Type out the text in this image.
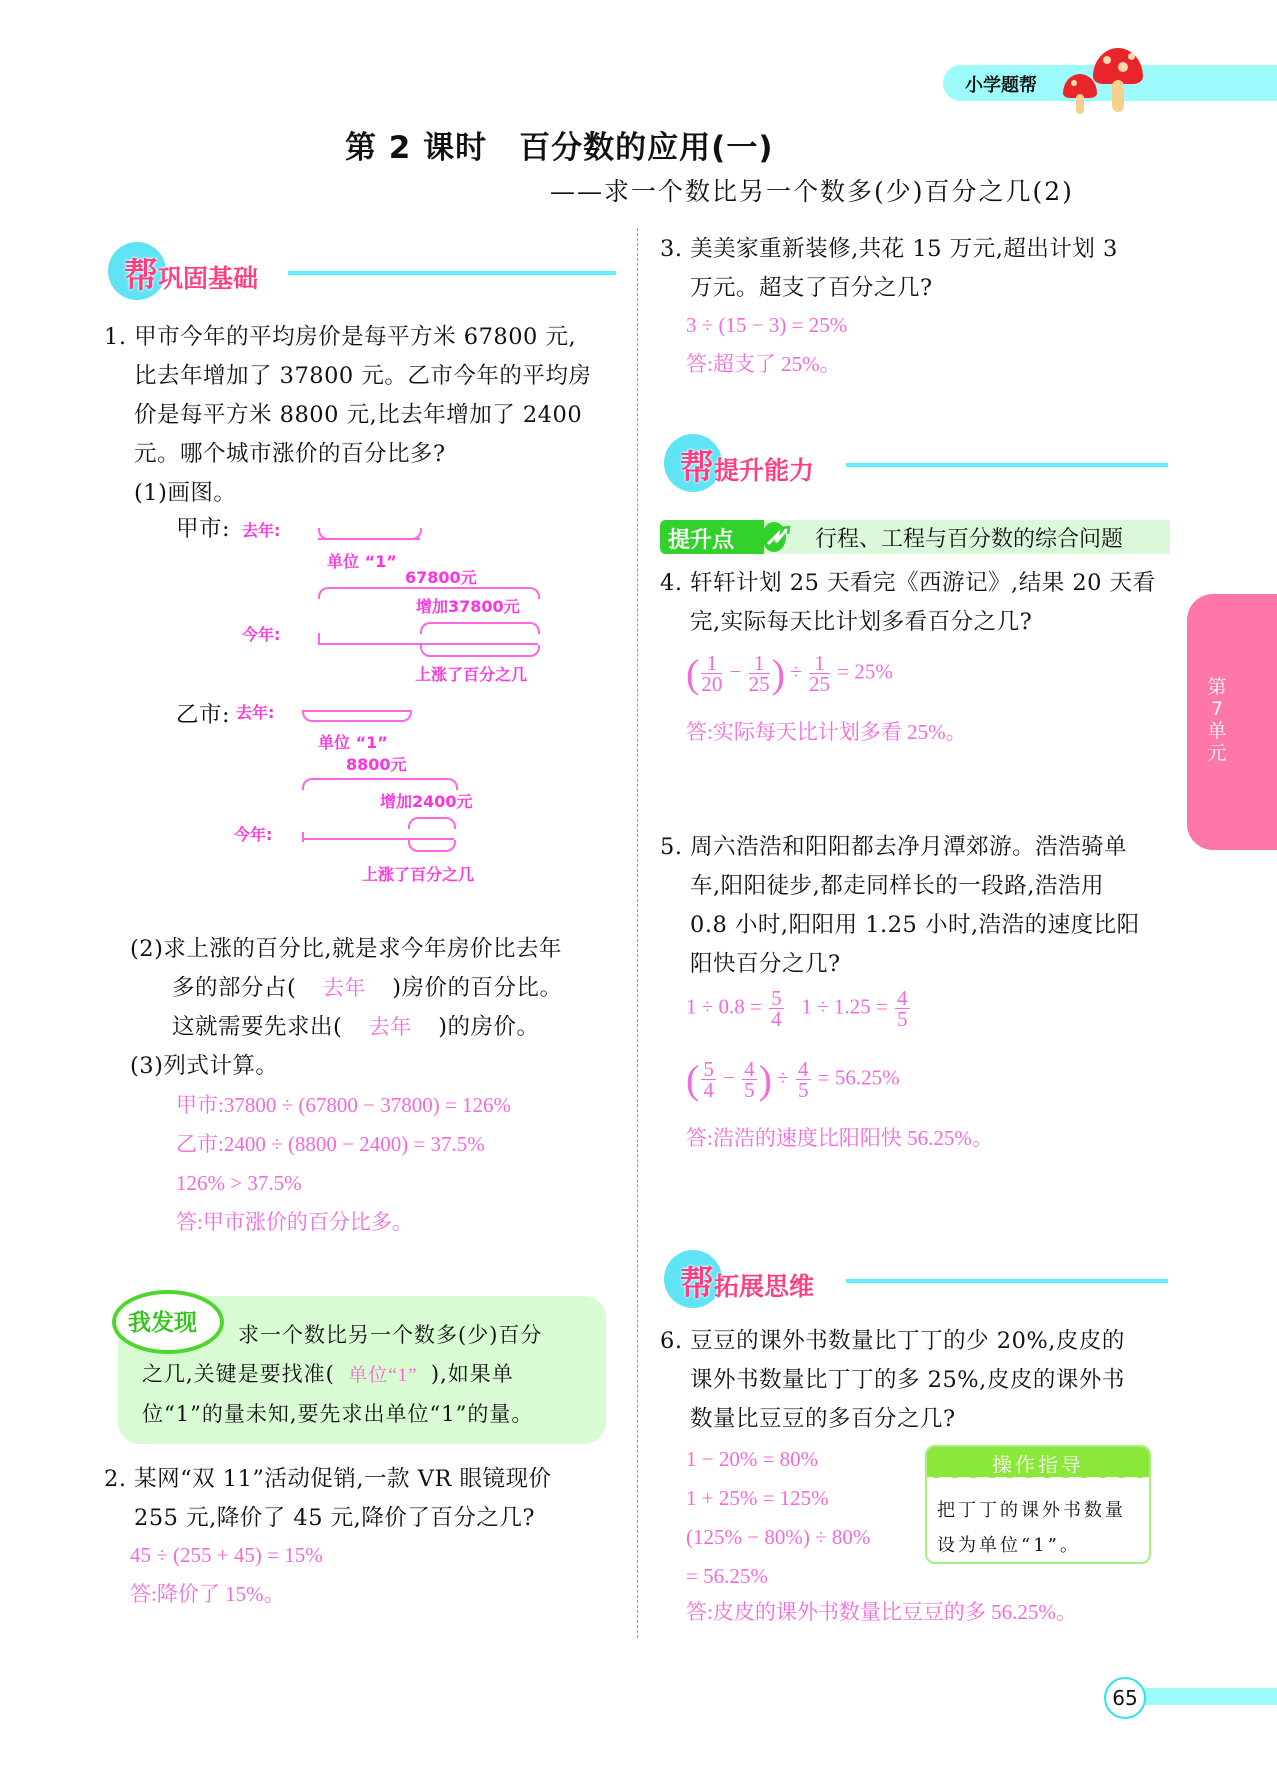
小学题帮
第 2 课时　百分数的应用(一)
——求一个数比另一个数多(少)百分之几(2)
帮巩固基础
1. 甲市今年的平均房价是每平方米 67800 元,
比去年增加了 37800 元。乙市今年的平均房
价是每平方米 8800 元,比去年增加了 2400
元。哪个城市涨价的百分比多?
(1)画图。
甲市: 去年:
单位 “1”
67800元
增加37800元
今年:
上涨了百分之几
乙市: 去年:
单位 “1”
8800元
增加2400元
今年:
上涨了百分之几
(2)求上涨的百分比,就是求今年房价比去年
多的部分占( 去年 )房价的百分比。
这就需要先求出( 去年 )的房价。
(3)列式计算。
甲市:37800 ÷ (67800 − 37800) = 126%
乙市:2400 ÷ (8800 − 2400) = 37.5%
126% > 37.5%
答:甲市涨价的百分比多。
我发现	求一个数比另一个数多(少)百分
之几,关键是要找准( 单位“1” ),如果单
位“1”的量未知,要先求出单位“1”的量。
2. 某网“双 11”活动促销,一款 VR 眼镜现价
255 元,降价了 45 元,降价了百分之几?
45 ÷ (255 + 45) = 15%
答:降价了 15%。
3. 美美家重新装修,共花 15 万元,超出计划 3
万元。超支了百分之几?
3 ÷ (15 − 3) = 25%
答:超支了 25%。
帮提升能力
提升点	行程、工程与百分数的综合问题
4. 轩轩计划 25 天看完《西游记》,结果 20 天看
完,实际每天比计划多看百分之几?
( $\frac{1}{20} - \frac{1}{25}$ ) ÷ $\frac{1}{25} = 25\%$
答:实际每天比计划多看 25%。
第7单元
5. 周六浩浩和阳阳都去净月潭郊游。浩浩骑单
车,阳阳徒步,都走同样长的一段路,浩浩用
0.8 小时,阳阳用 1.25 小时,浩浩的速度比阳
阳快百分之几?
$1 \div 0.8 = \frac{5}{4} 1 \div 1.25 = \frac{4}{5}$
( $\frac{5}{4} - \frac{4}{5}$ ) ÷ $\frac{4}{5} = 56.25\%$
答:浩浩的速度比阳阳快 56.25%。
帮拓展思维
6. 豆豆的课外书数量比丁丁的少 20%,皮皮的
课外书数量比丁丁的多 25%,皮皮的课外书
数量比豆豆的多百分之几?
1 − 20% = 80%
1 + 25% = 125%
(125% − 80%) ÷ 80%
= 56.25%
答:皮皮的课外书数量比豆豆的多 56.25%。
操作指导
把丁丁的课外书数量
设为单位“1”。
65
